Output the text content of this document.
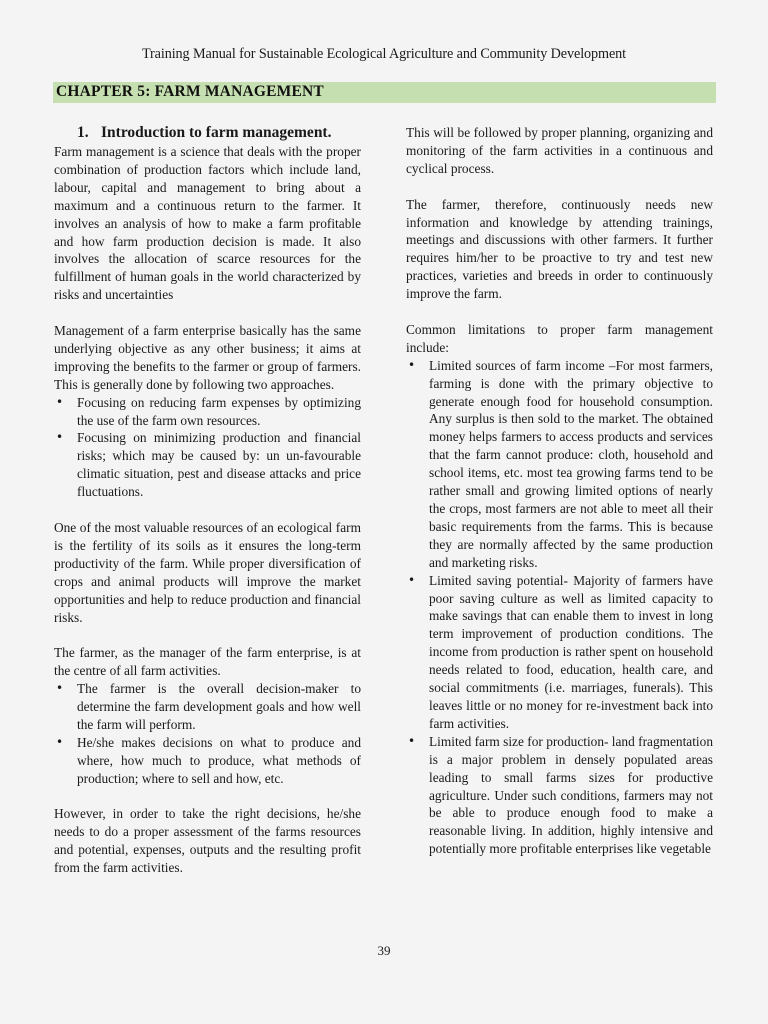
Training Manual for Sustainable Ecological Agriculture and Community Development
CHAPTER 5: FARM MANAGEMENT
1. Introduction to farm management.

Farm management is a science that deals with the proper combination of production factors which include land, labour, capital and management to bring about a maximum and a continuous return to the farmer. It involves an analysis of how to make a farm profitable and how farm production decision is made. It also involves the allocation of scarce resources for the fulfillment of human goals in the world characterized by risks and uncertainties

Management of a farm enterprise basically has the same underlying objective as any other business; it aims at improving the benefits to the farmer or group of farmers. This is generally done by following two approaches.

• Focusing on reducing farm expenses by optimizing the use of the farm own resources.
• Focusing on minimizing production and financial risks; which may be caused by: un un-favourable climatic situation, pest and disease attacks and price fluctuations.

One of the most valuable resources of an ecological farm is the fertility of its soils as it ensures the long-term productivity of the farm. While proper diversification of crops and animal products will improve the market opportunities and help to reduce production and financial risks.

The farmer, as the manager of the farm enterprise, is at the centre of all farm activities.

• The farmer is the overall decision-maker to determine the farm development goals and how well the farm will perform.
• He/she makes decisions on what to produce and where, how much to produce, what methods of production; where to sell and how, etc.

However, in order to take the right decisions, he/she needs to do a proper assessment of the farms resources and potential, expenses, outputs and the resulting profit from the farm activities.

This will be followed by proper planning, organizing and monitoring of the farm activities in a continuous and cyclical process.

The farmer, therefore, continuously needs new information and knowledge by attending trainings, meetings and discussions with other farmers. It further requires him/her to be proactive to try and test new practices, varieties and breeds in order to continuously improve the farm.

Common limitations to proper farm management include:

• Limited sources of farm income –For most farmers, farming is done with the primary objective to generate enough food for household consumption. Any surplus is then sold to the market. The obtained money helps farmers to access products and services that the farm cannot produce: cloth, household and school items, etc. most tea growing farms tend to be rather small and growing limited options of nearly the crops, most farmers are not able to meet all their basic requirements from the farms. This is because they are normally affected by the same production and marketing risks.
• Limited saving potential- Majority of farmers have poor saving culture as well as limited capacity to make savings that can enable them to invest in long term improvement of production conditions. The income from production is rather spent on household needs related to food, education, health care, and social commitments (i.e. marriages, funerals). This leaves little or no money for re-investment back into farm activities.
• Limited farm size for production- land fragmentation is a major problem in densely populated areas leading to small farms sizes for productive agriculture. Under such conditions, farmers may not be able to produce enough food to make a reasonable living. In addition, highly intensive and potentially more profitable enterprises like vegetable
39
